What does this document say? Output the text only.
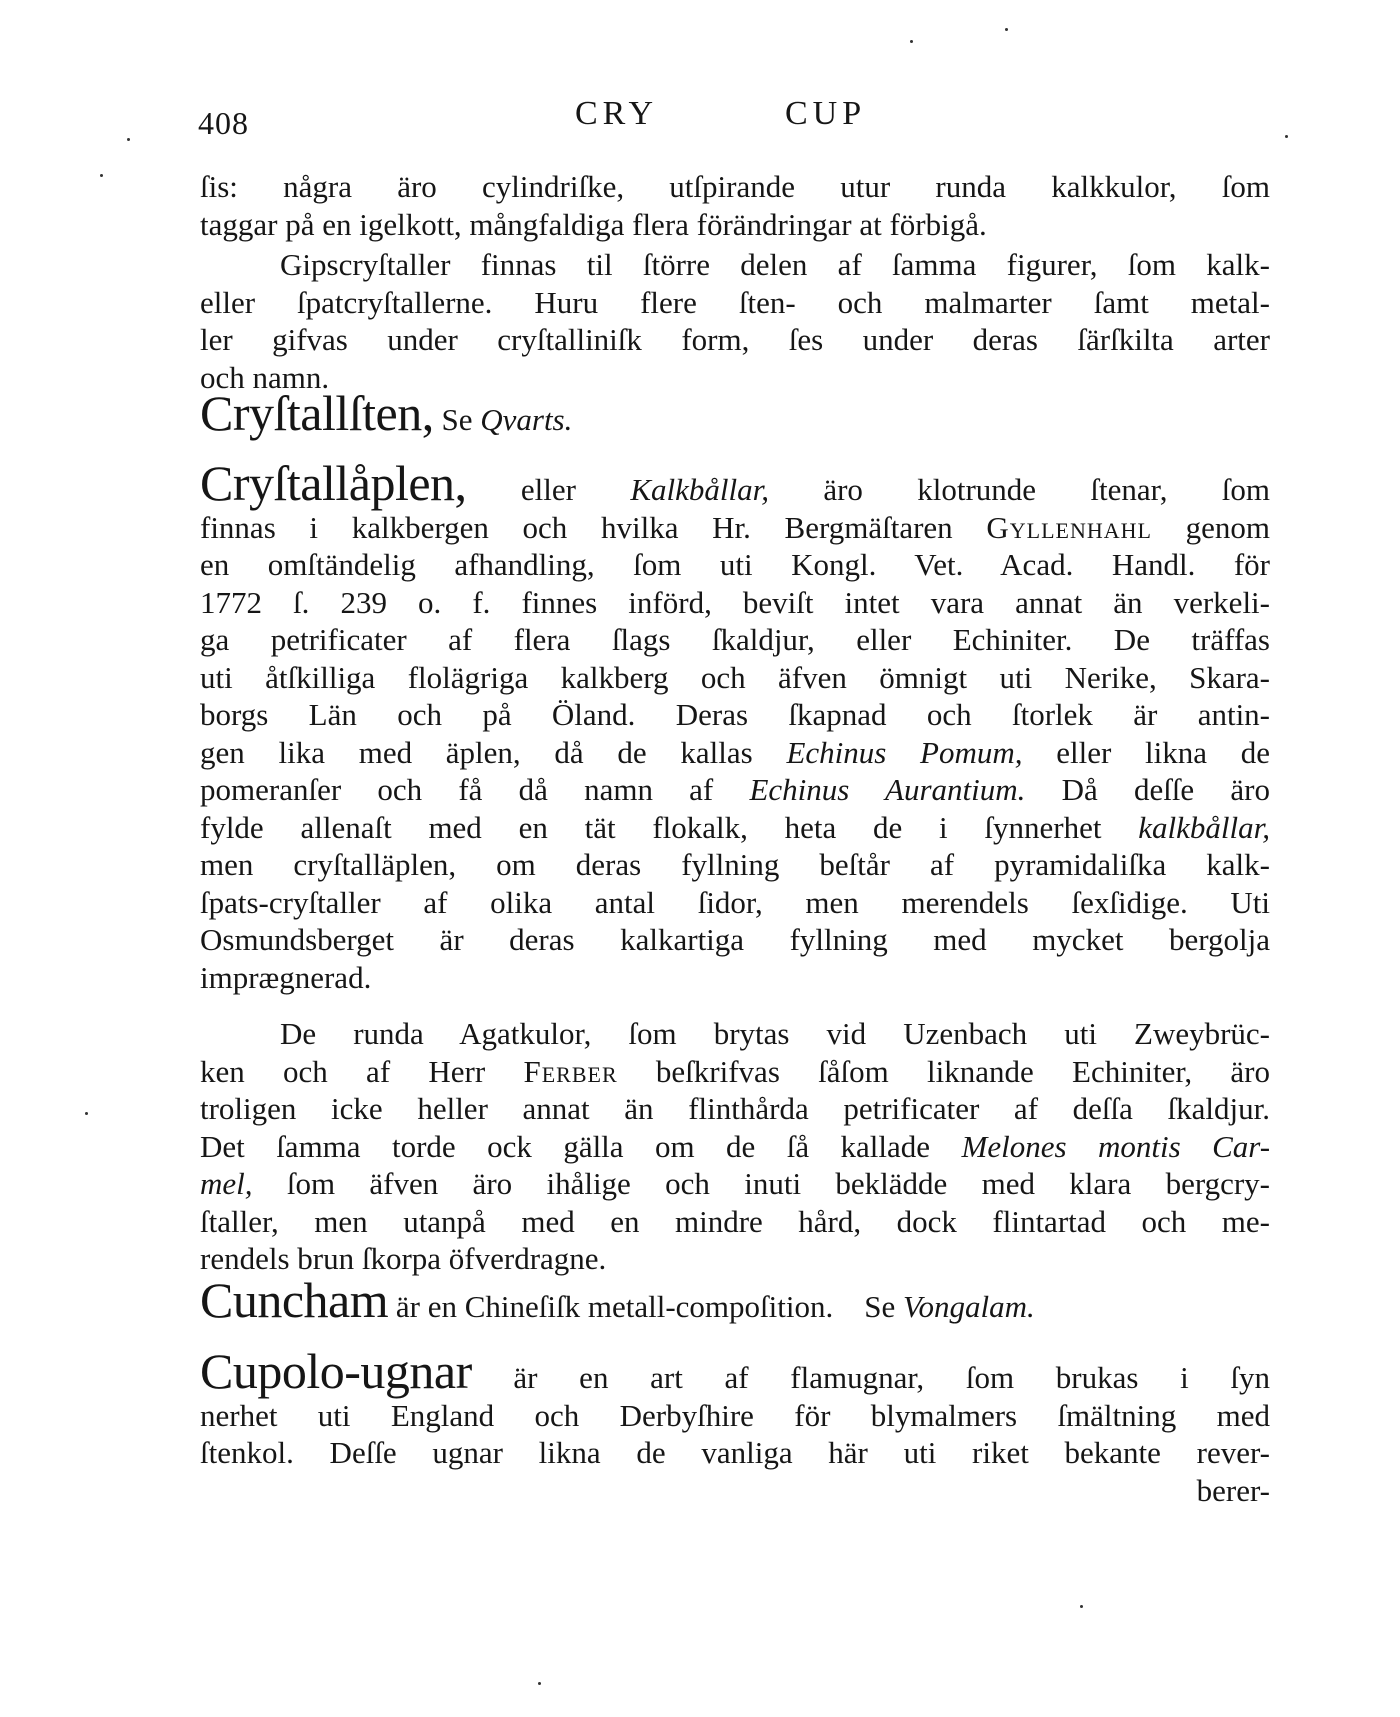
408	CRY	CUP
ſis: några äro cylindriſke, utſpirande utur runda kalkkulor, ſom
taggar på en igelkott, mångfaldiga flera förändringar at förbigå.
Gipscryſtaller finnas til ſtörre delen af ſamma figurer, ſom kalk-
eller ſpatcryſtallerne. Huru flere ſten- och malmarter ſamt metal-
ler gifvas under cryſtalliniſk form, ſes under deras ſärſkilta arter
och namn.
Cryſtallſten, Se Qvarts.
Cryſtallåplen, eller Kalkbållar, äro klotrunde ſtenar, ſom
finnas i kalkbergen och hvilka Hr. Bergmäſtaren Gyllenhahl genom
en omſtändelig afhandling, ſom uti Kongl. Vet. Acad. Handl. för
1772 ſ. 239 o. f. finnes införd, beviſt intet vara annat än verkeli-
ga petrificater af flera ſlags ſkaldjur, eller Echiniter. De träffas
uti åtſkilliga flolägriga kalkberg och äfven ömnigt uti Nerike, Skara-
borgs Län och på Öland. Deras ſkapnad och ſtorlek är antin-
gen lika med äplen, då de kallas Echinus Pomum, eller likna de
pomeranſer och få då namn af Echinus Aurantium. Då deſſe äro
fylde allenaſt med en tät flokalk, heta de i ſynnerhet kalkbållar,
men cryſtalläplen, om deras fyllning beſtår af pyramidaliſka kalk-
ſpats-cryſtaller af olika antal ſidor, men merendels ſexſidige. Uti
Osmundsberget är deras kalkartiga fyllning med mycket bergolja
imprægnerad.
De runda Agatkulor, ſom brytas vid Uzenbach uti Zweybrüc-
ken och af Herr Ferber beſkrifvas ſåſom liknande Echiniter, äro
troligen icke heller annat än flinthårda petrificater af deſſa ſkaldjur.
Det ſamma torde ock gälla om de ſå kallade Melones montis Car-
mel, ſom äfven äro ihålige och inuti beklädde med klara bergcry-
ſtaller, men utanpå med en mindre hård, dock flintartad och me-
rendels brun ſkorpa öfverdragne.
Cuncham är en Chineſiſk metall-compoſition. Se Vongalam.
Cupolo-ugnar är en art af flamugnar, ſom brukas i ſyn
nerhet uti England och Derbyſhire för blymalmers ſmältning med
ſtenkol. Deſſe ugnar likna de vanliga här uti riket bekante rever-
berer-
